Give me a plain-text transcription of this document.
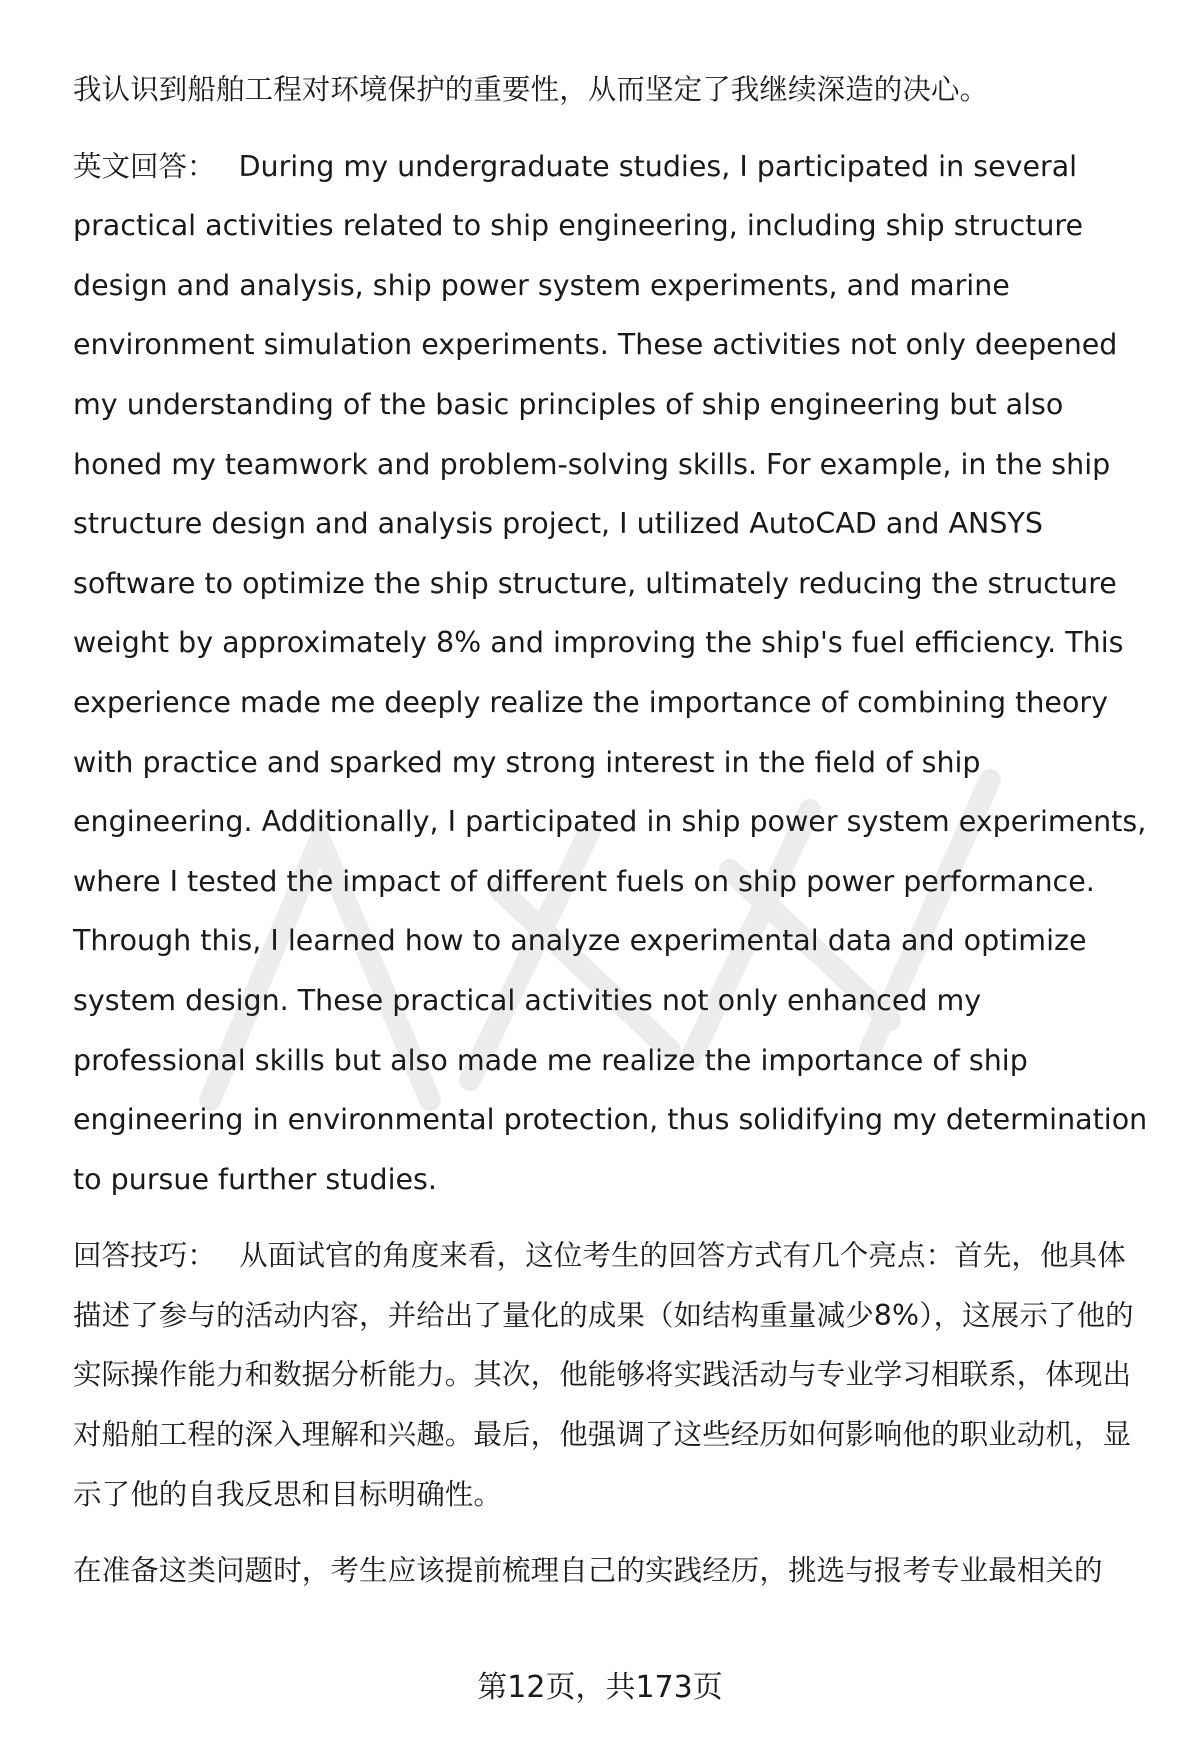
我认识到船舶工程对环境保护的重要性，从而坚定了我继续深造的决心。

英文回答： During my undergraduate studies, I participated in several practical activities related to ship engineering, including ship structure design and analysis, ship power system experiments, and marine environment simulation experiments. These activities not only deepened my understanding of the basic principles of ship engineering but also honed my teamwork and problem-solving skills. For example, in the ship structure design and analysis project, I utilized AutoCAD and ANSYS software to optimize the ship structure, ultimately reducing the structure weight by approximately 8% and improving the ship's fuel efficiency. This experience made me deeply realize the importance of combining theory with practice and sparked my strong interest in the field of ship engineering. Additionally, I participated in ship power system experiments, where I tested the impact of different fuels on ship power performance. Through this, I learned how to analyze experimental data and optimize system design. These practical activities not only enhanced my professional skills but also made me realize the importance of ship engineering in environmental protection, thus solidifying my determination to pursue further studies.

回答技巧： 从面试官的角度来看，这位考生的回答方式有几个亮点：首先，他具体描述了参与的活动内容，并给出了量化的成果（如结构重量减少8%），这展示了他的实际操作能力和数据分析能力。其次，他能够将实践活动与专业学习相联系，体现出对船舶工程的深入理解和兴趣。最后，他强调了这些经历如何影响他的职业动机，显示了他的自我反思和目标明确性。

在准备这类问题时，考生应该提前梳理自己的实践经历，挑选与报考专业最相关的

第12页，共173页
